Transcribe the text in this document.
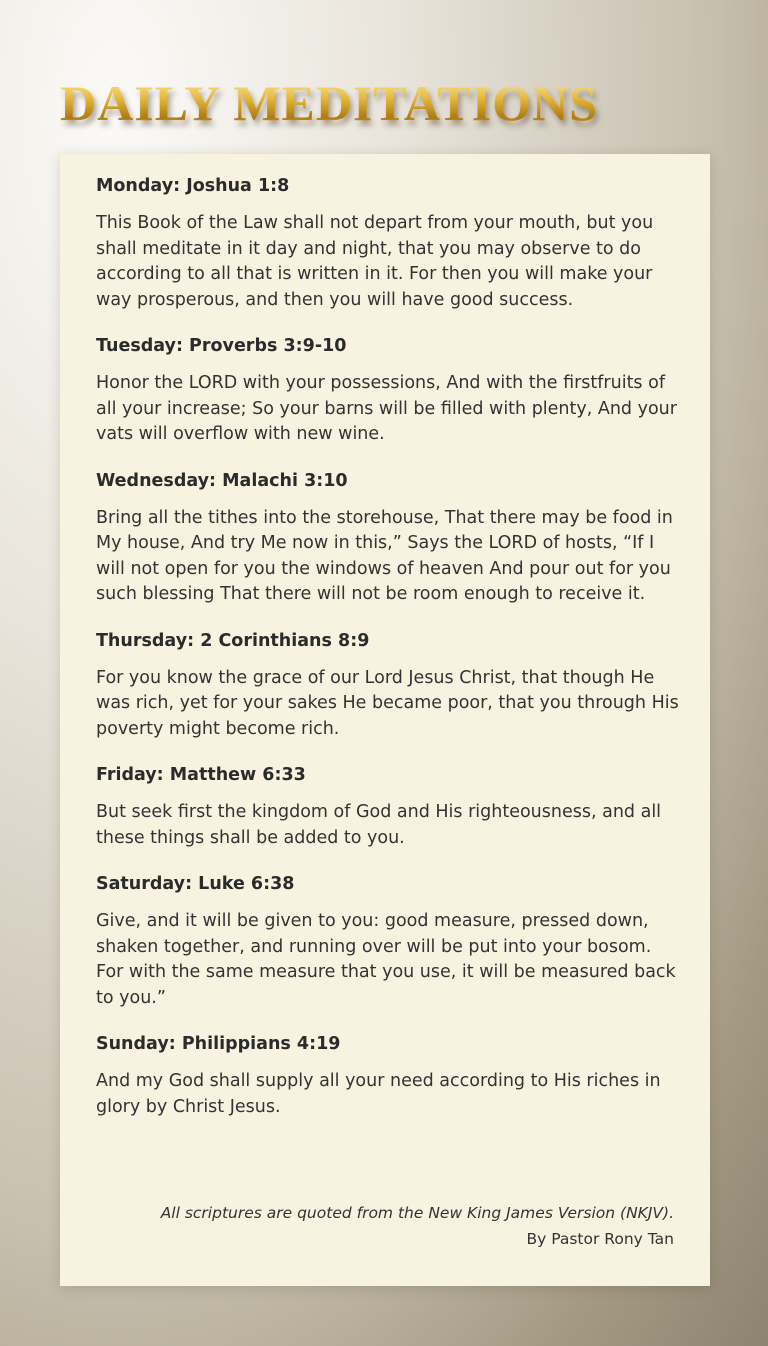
DAILY MEDITATIONS

Monday: Joshua 1:8

This Book of the Law shall not depart from your mouth, but you shall meditate in it day and night, that you may observe to do according to all that is written in it. For then you will make your way prosperous, and then you will have good success.

Tuesday: Proverbs 3:9-10

Honor the LORD with your possessions, And with the firstfruits of all your increase; So your barns will be filled with plenty, And your vats will overflow with new wine.

Wednesday: Malachi 3:10

Bring all the tithes into the storehouse, That there may be food in My house, And try Me now in this,” Says the LORD of hosts, “If I will not open for you the windows of heaven And pour out for you such blessing That there will not be room enough to receive it.

Thursday: 2 Corinthians 8:9

For you know the grace of our Lord Jesus Christ, that though He was rich, yet for your sakes He became poor, that you through His poverty might become rich.

Friday: Matthew 6:33

But seek first the kingdom of God and His righteousness, and all these things shall be added to you.

Saturday: Luke 6:38

Give, and it will be given to you: good measure, pressed down, shaken together, and running over will be put into your bosom. For with the same measure that you use, it will be measured back to you.”

Sunday: Philippians 4:19

And my God shall supply all your need according to His riches in glory by Christ Jesus.

All scriptures are quoted from the New King James Version (NKJV).

By Pastor Rony Tan
